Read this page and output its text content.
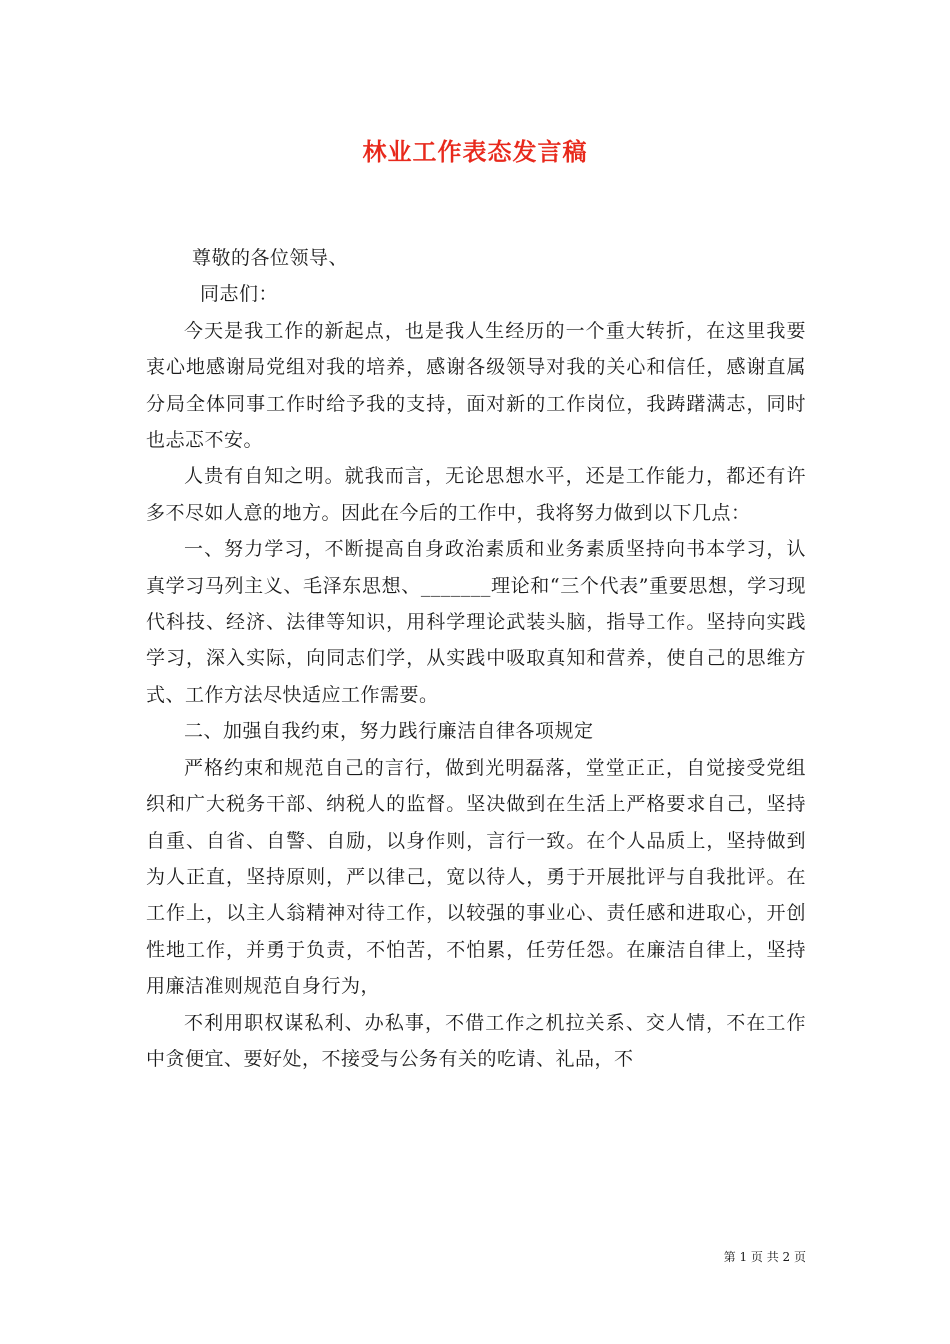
林业工作表态发言稿

尊敬的各位领导、

同志们：

今天是我工作的新起点，也是我人生经历的一个重大转折，在这里我要衷心地感谢局党组对我的培养，感谢各级领导对我的关心和信任，感谢直属分局全体同事工作时给予我的支持，面对新的工作岗位，我踌躇满志，同时也忐忑不安。

人贵有自知之明。就我而言，无论思想水平，还是工作能力，都还有许多不尽如人意的地方。因此在今后的工作中，我将努力做到以下几点：

一、努力学习，不断提高自身政治素质和业务素质坚持向书本学习，认真学习马列主义、毛泽东思想、_______理论和“三个代表”重要思想，学习现代科技、经济、法律等知识，用科学理论武装头脑，指导工作。坚持向实践学习，深入实际，向同志们学，从实践中吸取真知和营养，使自己的思维方式、工作方法尽快适应工作需要。

二、加强自我约束，努力践行廉洁自律各项规定

严格约束和规范自己的言行，做到光明磊落，堂堂正正，自觉接受党组织和广大税务干部、纳税人的监督。坚决做到在生活上严格要求自己，坚持自重、自省、自警、自励，以身作则，言行一致。在个人品质上，坚持做到为人正直，坚持原则，严以律己，宽以待人，勇于开展批评与自我批评。在工作上，以主人翁精神对待工作，以较强的事业心、责任感和进取心，开创性地工作，并勇于负责，不怕苦，不怕累，任劳任怨。在廉洁自律上，坚持用廉洁准则规范自身行为，

不利用职权谋私利、办私事，不借工作之机拉关系、交人情，不在工作中贪便宜、要好处，不接受与公务有关的吃请、礼品，不

第 1 页 共 2 页
